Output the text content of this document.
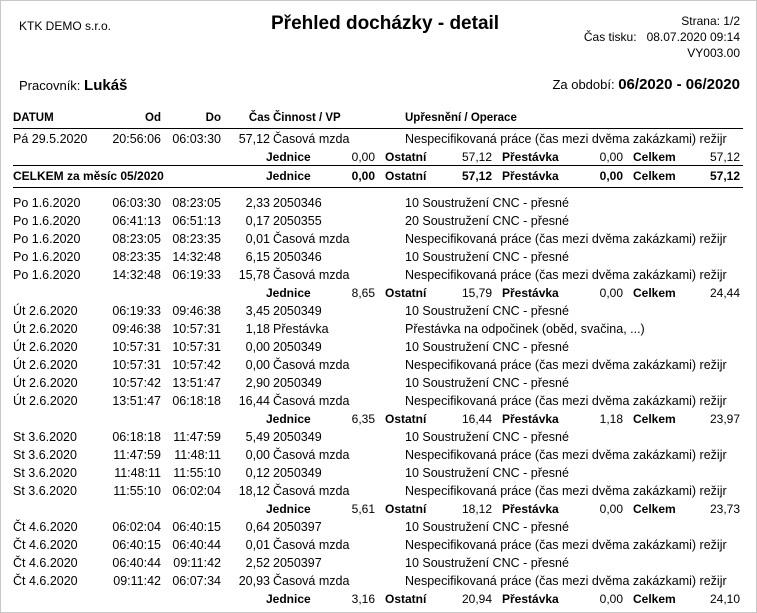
KTK DEMO s.r.o.	Přehled docházky - detail	Strana: 1/2
Čas tisku: 08.07.2020 09:14
VY003.00
Pracovník: Lukáš	Za období: 06/2020 - 06/2020
DATUM	Od	Do	Čas Činnost / VP	Upřesnění / Operace
Pá 29.5.2020	20:56:06 06:03:30	57,12 Časová mzda	Nespecifikovaná práce (čas mezi dvěma zakázkami) režijr
Jednice	0,00 Ostatní	57,12 Přestávka	0,00 Celkem	57,12
CELKEM za měsíc 05/2020	Jednice	0,00 Ostatní	57,12 Přestávka	0,00 Celkem	57,12
Po 1.6.2020	06:03:30 08:23:05	2,33 2050346	10 Soustružení CNC - přesné
Po 1.6.2020	06:41:13 06:51:13	0,17 2050355	20 Soustružení CNC - přesné
Po 1.6.2020	08:23:05 08:23:35	0,01 Časová mzda	Nespecifikovaná práce (čas mezi dvěma zakázkami) režijr
Po 1.6.2020	08:23:35 14:32:48	6,15 2050346	10 Soustružení CNC - přesné
Po 1.6.2020	14:32:48 06:19:33	15,78 Časová mzda	Nespecifikovaná práce (čas mezi dvěma zakázkami) režijr
Jednice	8,65 Ostatní	15,79 Přestávka	0,00 Celkem	24,44
Út 2.6.2020	06:19:33 09:46:38	3,45 2050349	10 Soustružení CNC - přesné
Út 2.6.2020	09:46:38 10:57:31	1,18 Přestávka	Přestávka na odpočinek (oběd, svačina, ...)
Út 2.6.2020	10:57:31 10:57:31	0,00 2050349	10 Soustružení CNC - přesné
Út 2.6.2020	10:57:31 10:57:42	0,00 Časová mzda	Nespecifikovaná práce (čas mezi dvěma zakázkami) režijr
Út 2.6.2020	10:57:42 13:51:47	2,90 2050349	10 Soustružení CNC - přesné
Út 2.6.2020	13:51:47 06:18:18	16,44 Časová mzda	Nespecifikovaná práce (čas mezi dvěma zakázkami) režijr
Jednice	6,35 Ostatní	16,44 Přestávka	1,18 Celkem	23,97
St 3.6.2020	06:18:18 11:47:59	5,49 2050349	10 Soustružení CNC - přesné
St 3.6.2020	11:47:59	11:48:11	0,00 Časová mzda	Nespecifikovaná práce (čas mezi dvěma zakázkami) režijr
St 3.6.2020	11:48:11 11:55:10	0,12 2050349	10 Soustružení CNC - přesné
St 3.6.2020	11:55:10 06:02:04	18,12 Časová mzda	Nespecifikovaná práce (čas mezi dvěma zakázkami) režijr
Jednice	5,61 Ostatní	18,12 Přestávka	0,00 Celkem	23,73
Čt 4.6.2020	06:02:04 06:40:15	0,64 2050397	10 Soustružení CNC - přesné
Čt 4.6.2020	06:40:15 06:40:44	0,01 Časová mzda	Nespecifikovaná práce (čas mezi dvěma zakázkami) režijr
Čt 4.6.2020	06:40:44 09:11:42	2,52 2050397	10 Soustružení CNC - přesné
Čt 4.6.2020	09:11:42 06:07:34	20,93 Časová mzda	Nespecifikovaná práce (čas mezi dvěma zakázkami) režijr
Jednice	3,16 Ostatní	20,94 Přestávka	0,00 Celkem	24,10
